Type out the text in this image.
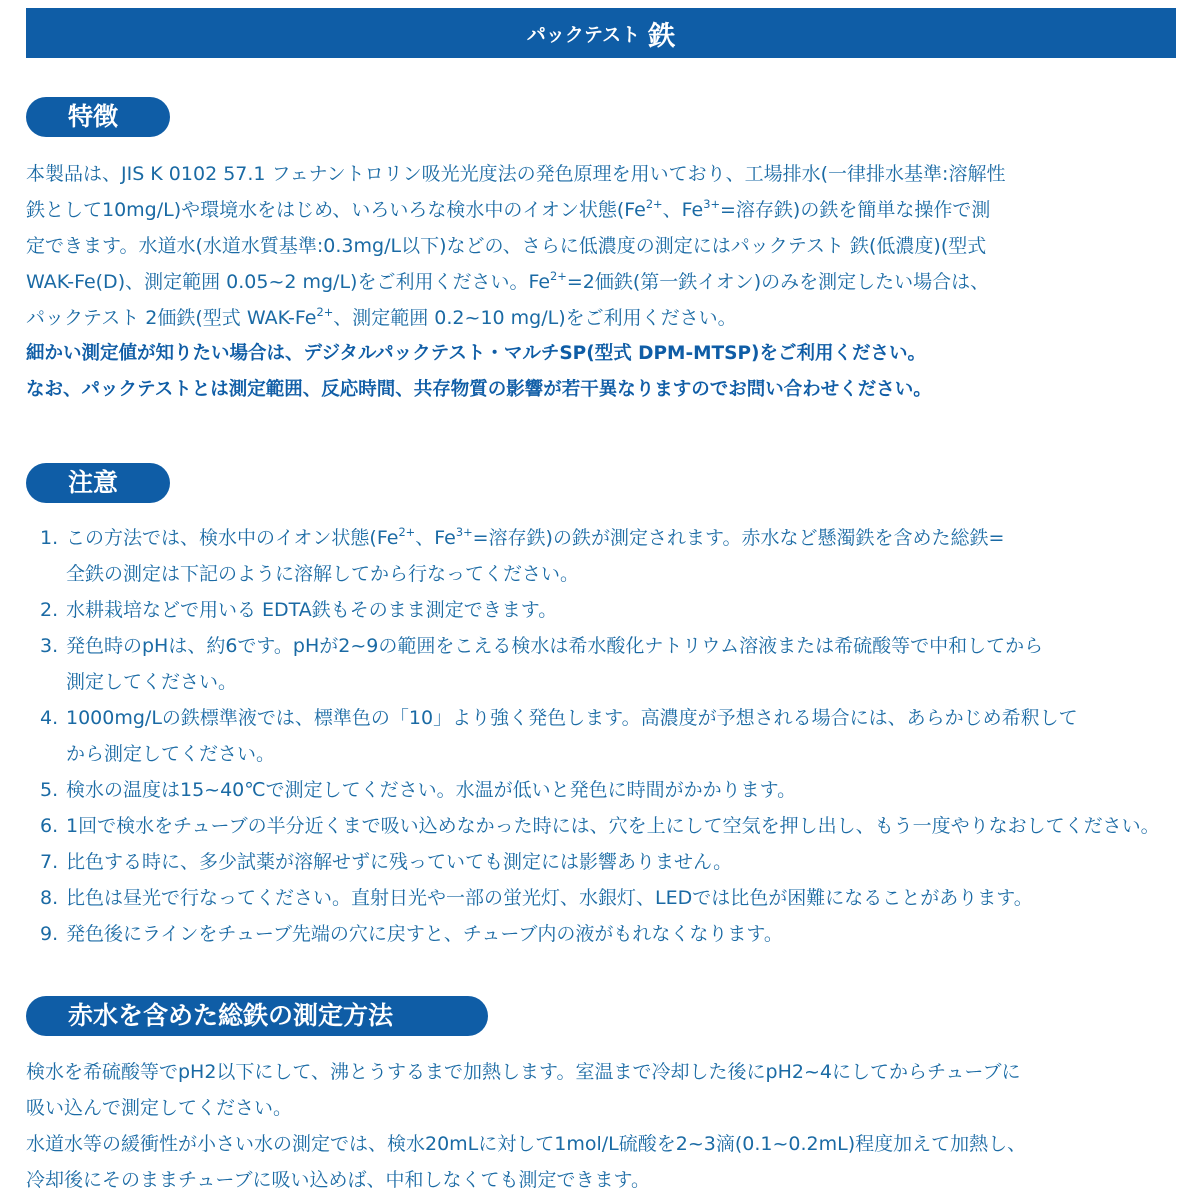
パックテスト 鉄
特徴
本製品は、JIS K 0102 57.1 フェナントロリン吸光光度法の発色原理を用いており、工場排水(一律排水基準:溶解性
鉄として10mg/L)や環境水をはじめ、いろいろな検水中のイオン状態($Fe^{2+}$、$Fe^{3+}=$溶存鉄)の鉄を簡単な操作で測
定できます。水道水(水道水質基準:0.3mg/L以下)などの、さらに低濃度の測定にはパックテスト 鉄(低濃度)(型式
WAK-Fe(D)、測定範囲 0.05~2 mg/L)をご利用ください。$Fe^{2+}=2$価鉄(第一鉄イオン)のみを測定したい場合は、
パックテスト 2価鉄(型式 WAK-$Fe^{2+}$、測定範囲 0.2~10 mg/L)をご利用ください。
細かい測定値が知りたい場合は、デジタルパックテスト・マルチSP(型式 DPM-MTSP)をご利用ください。
なお、パックテストとは測定範囲、反応時間、共存物質の影響が若干異なりますのでお問い合わせください。
注意
1. この方法では、検水中のイオン状態($Fe^{2+}$、$Fe^{3+}=$溶存鉄)の鉄が測定されます。赤水など懸濁鉄を含めた総鉄=
全鉄の測定は下記のように溶解してから行なってください。
2. 水耕栽培などで用いる EDTA鉄もそのまま測定できます。
3. 発色時のpHは、約6です。pHが2~9の範囲をこえる検水は希水酸化ナトリウム溶液または希硫酸等で中和してから
測定してください。
4. 1000mg/Lの鉄標準液では、標準色の「10」より強く発色します。高濃度が予想される場合には、あらかじめ希釈して
から測定してください。
5. 検水の温度は15~40℃で測定してください。水温が低いと発色に時間がかかります。
6. 1回で検水をチューブの半分近くまで吸い込めなかった時には、穴を上にして空気を押し出し、もう一度やりなおしてください。
7. 比色する時に、多少試薬が溶解せずに残っていても測定には影響ありません。
8. 比色は昼光で行なってください。直射日光や一部の蛍光灯、水銀灯、LEDでは比色が困難になることがあります。
9. 発色後にラインをチューブ先端の穴に戻すと、チューブ内の液がもれなくなります。
赤水を含めた総鉄の測定方法
検水を希硫酸等でpH2以下にして、沸とうするまで加熱します。室温まで冷却した後にpH2~4にしてからチューブに
吸い込んで測定してください。
水道水等の緩衝性が小さい水の測定では、検水20mLに対して1mol/L硫酸を2~3滴(0.1~0.2mL)程度加えて加熱し、
冷却後にそのままチューブに吸い込めば、中和しなくても測定できます。
